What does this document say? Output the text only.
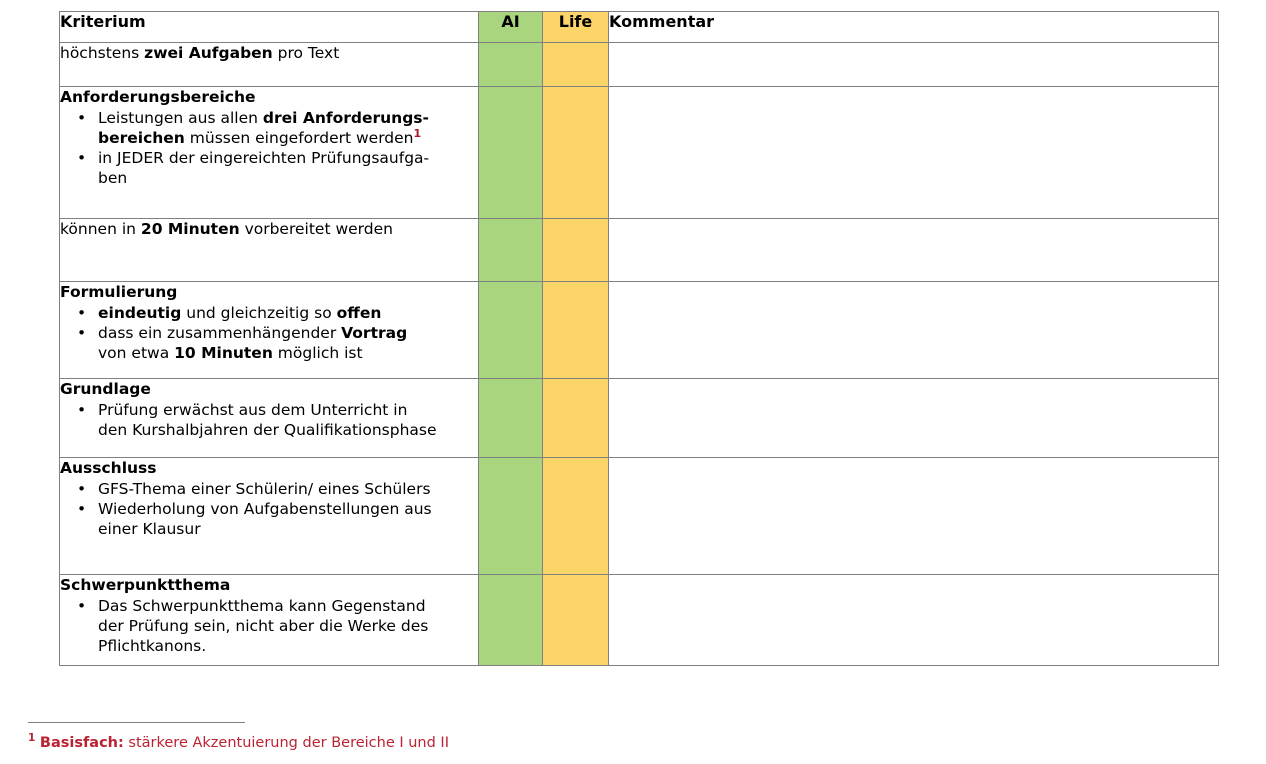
Kriterium	AI	Life	Kommentar

höchstens zwei Aufgaben pro Text			

Anforderungsbereiche
• Leistungen aus allen drei Anforderungs-
bereichen müssen eingefordert werden$^1$
• in JEDER der eingereichten Prüfungsaufga-
ben

können in 20 Minuten vorbereitet werden			

Formulierung
• eindeutig und gleichzeitig so offen
• dass ein zusammenhängender Vortrag
von etwa 10 Minuten möglich ist

Grundlage
• Prüfung erwächst aus dem Unterricht in
den Kurshalbjahren der Qualifikationsphase

Ausschluss
• GFS-Thema einer Schülerin/ eines Schülers
• Wiederholung von Aufgabenstellungen aus
einer Klausur

Schwerpunktthema
• Das Schwerpunktthema kann Gegenstand
der Prüfung sein, nicht aber die Werke des
Pflichtkanons.

$^1$ Basisfach: stärkere Akzentuierung der Bereiche I und II
